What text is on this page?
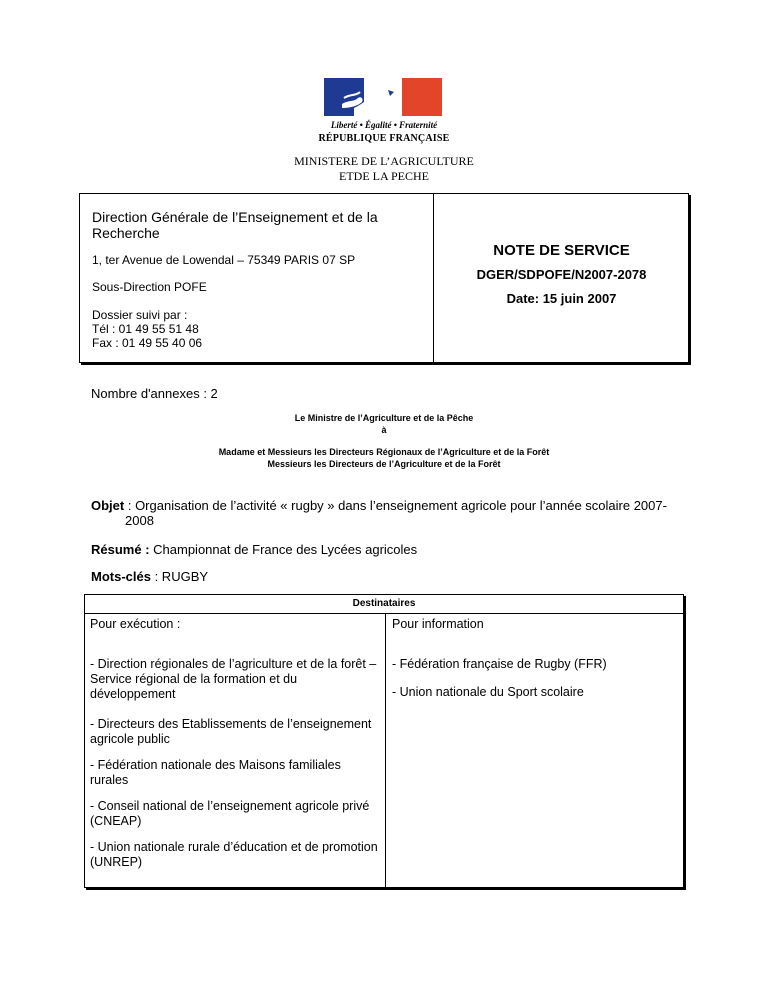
Liberté • Égalité • Fraternité
RÉPUBLIQUE FRANÇAISE
MINISTERE DE L’AGRICULTURE
ETDE LA PECHE
Direction Générale de l’Enseignement et de la Recherche
1, ter Avenue de Lowendal – 75349 PARIS 07 SP
Sous-Direction POFE
Dossier suivi par :
Tél : 01 49 55 51 48
Fax : 01 49 55 40 06
NOTE DE SERVICE
DGER/SDPOFE/N2007-2078
Date: 15 juin 2007
Nombre d'annexes : 2
Le Ministre de l’Agriculture et de la Pêche
à
Madame et Messieurs les Directeurs Régionaux de l’Agriculture et de la Forêt
Messieurs les Directeurs de l’Agriculture et de la Forêt
Objet : Organisation de l’activité « rugby » dans l’enseignement agricole pour l’année scolaire 2007-
2008
Résumé : Championnat de France des Lycées agricoles
Mots-clés : RUGBY
Destinataires
Pour exécution :	Pour information
- Direction régionales de l’agriculture et de la forêt – Service régional de la formation et du développement
- Directeurs des Etablissements de l’enseignement agricole public
- Fédération nationale des Maisons familiales rurales
- Conseil national de l’enseignement agricole privé (CNEAP)
- Union nationale rurale d’éducation et de promotion (UNREP)
- Fédération française de Rugby (FFR)
- Union nationale du Sport scolaire
